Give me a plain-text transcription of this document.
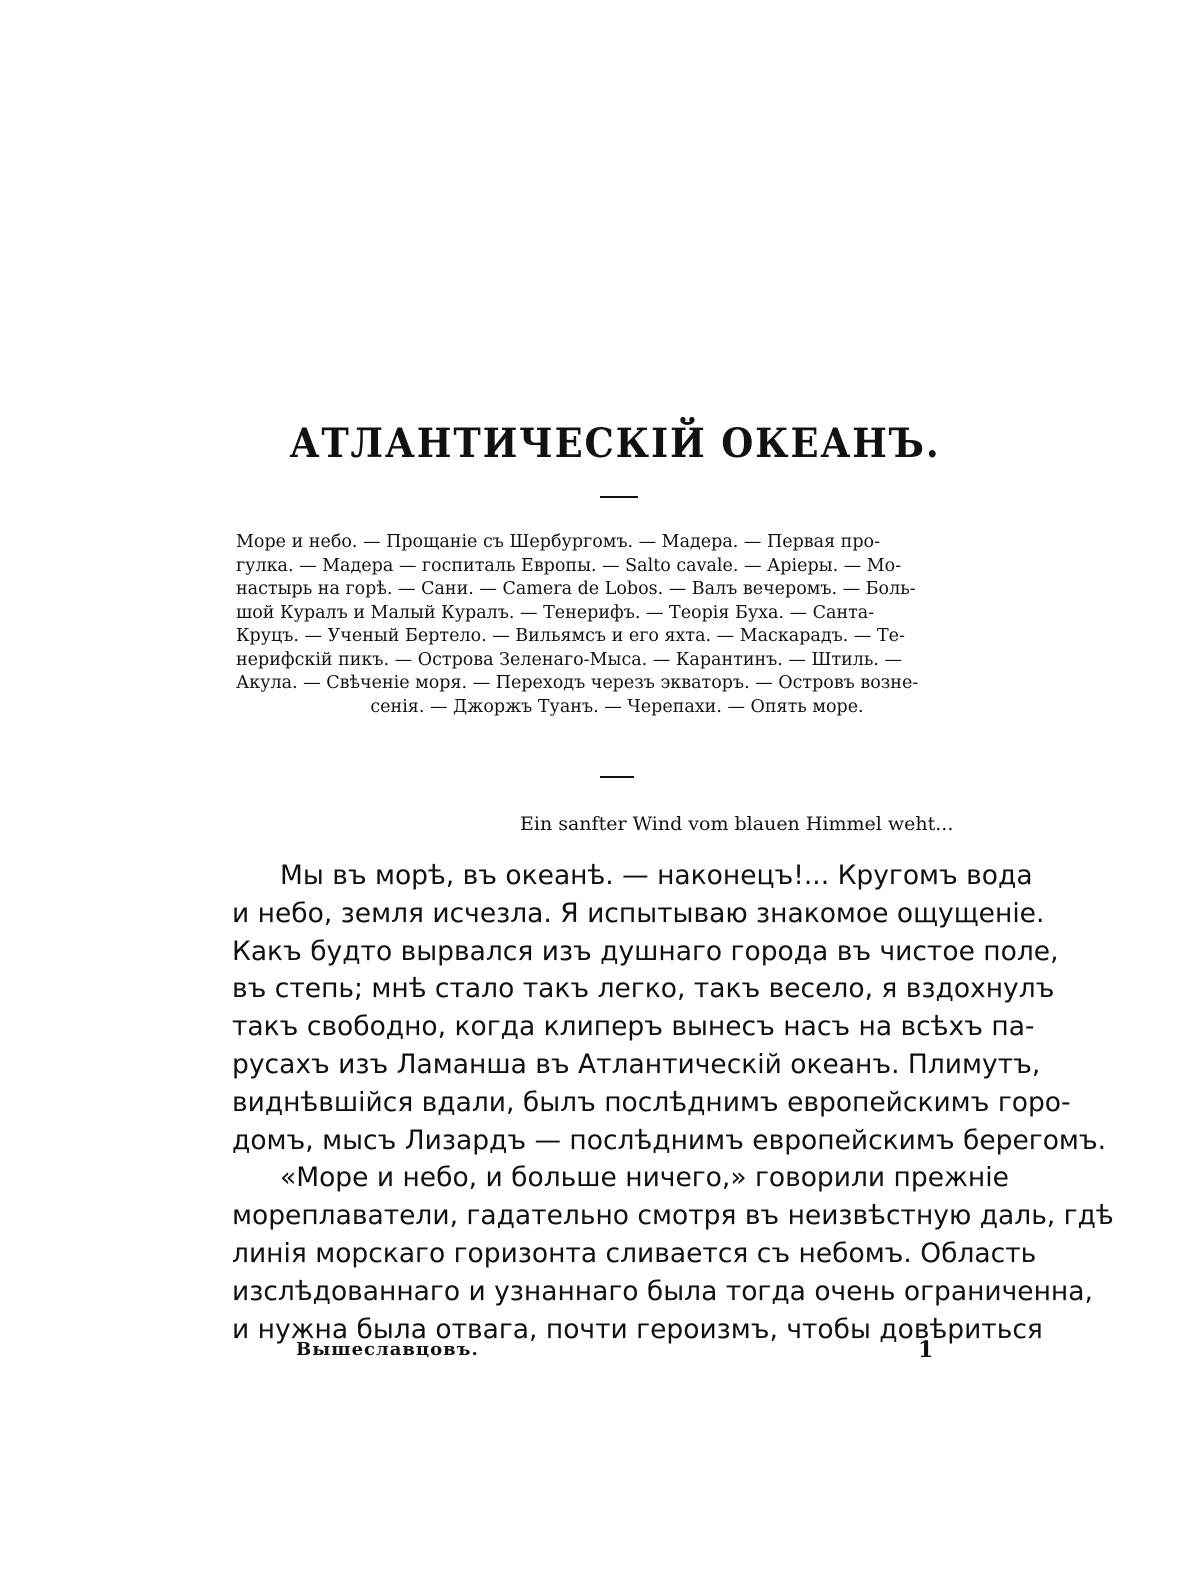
АТЛАНТИЧЕСКІЙ ОКЕАНЪ.
Море и небо. — Прощаніе съ Шербургомъ. — Мадера. — Первая про-
гулка. — Мадера — госпиталь Европы. — Salto cavale. — Аріеры. — Мо-
настырь на горѣ. — Сани. — Camera de Lobos. — Валъ вечеромъ. — Боль-
шой Куралъ и Малый Куралъ. — Тенерифъ. — Теорія Буха. — Санта-
Круцъ. — Ученый Бертело. — Вильямсъ и его яхта. — Маскарадъ. — Те-
нерифскій пикъ. — Острова Зеленаго-Мыса. — Карантинъ. — Штиль. —
Акула. — Свѣченіе моря. — Переходъ черезъ экваторъ. — Островъ возне-
сенія. — Джоржъ Туанъ. — Черепахи. — Опять море.
Ein sanfter Wind vom blauen Himmel weht...
Мы въ морѣ, въ океанѣ. — наконецъ!... Кругомъ вода
и небо, земля исчезла. Я испытываю знакомое ощущеніе.
Какъ будто вырвался изъ душнаго города въ чистое поле,
въ степь; мнѣ стало такъ легко, такъ весело, я вздохнулъ
такъ свободно, когда клиперъ вынесъ насъ на всѣхъ па-
русахъ изъ Ламанша въ Атлантическій океанъ. Плимутъ,
виднѣвшійся вдали, былъ послѣднимъ европейскимъ горо-
домъ, мысъ Лизардъ — послѣднимъ европейскимъ берегомъ.
«Море и небо, и больше ничего,» говорили прежніе
мореплаватели, гадательно смотря въ неизвѣстную даль, гдѣ
линія морскаго горизонта сливается съ небомъ. Область
изслѣдованнаго и узнаннаго была тогда очень ограниченна,
и нужна была отвага, почти героизмъ, чтобы довѣриться
Вышеславцовъ.	1
